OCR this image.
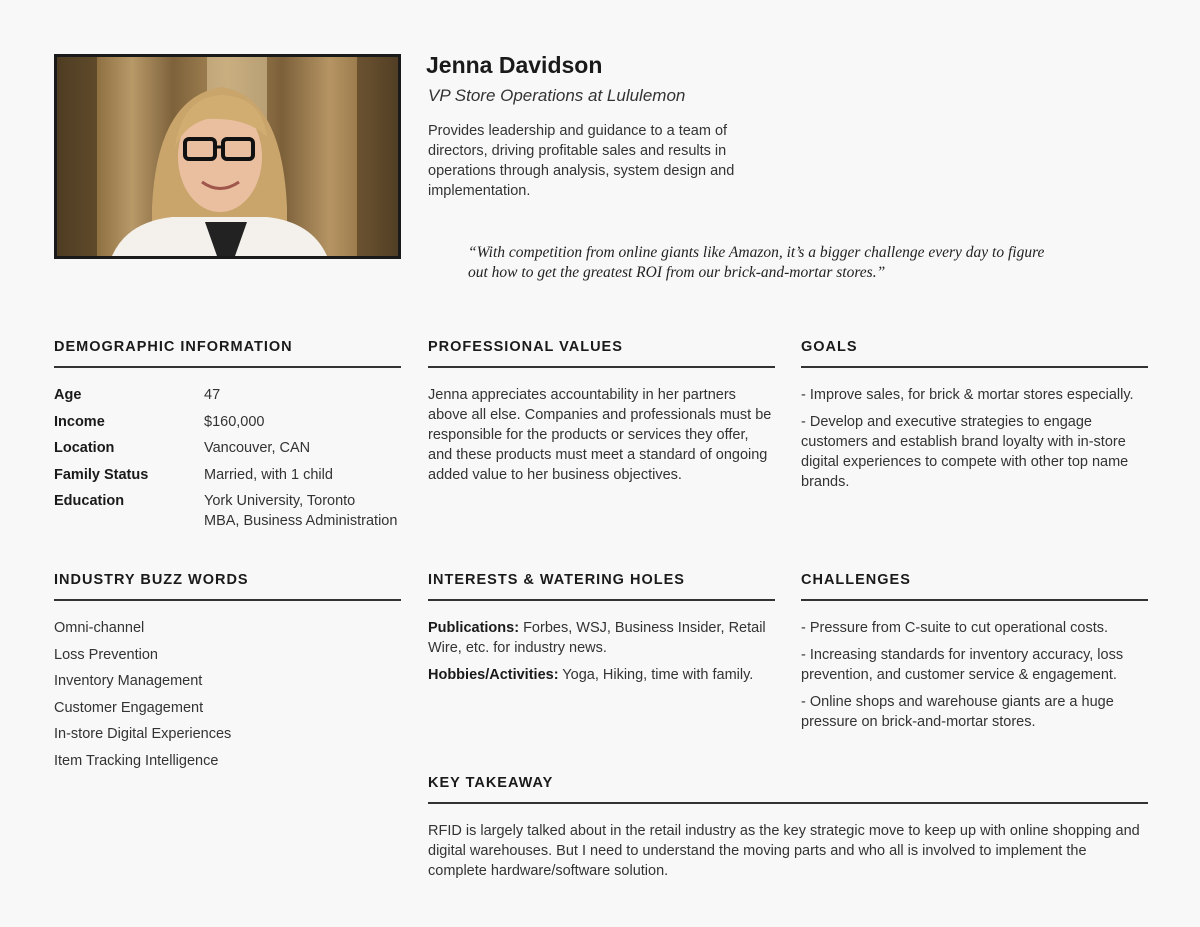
Jenna Davidson
VP Store Operations at Lululemon
Provides leadership and guidance to a team of directors, driving profitable sales and results in operations through analysis, system design and implementation.
“With competition from online giants like Amazon, it’s a bigger challenge every day to figure out how to get the greatest ROI from our brick-and-mortar stores.”
DEMOGRAPHIC INFORMATION
Age	47
Income	$160,000
Location	Vancouver, CAN
Family Status	Married, with 1 child
Education	York University, Toronto
MBA, Business Administration
PROFESSIONAL VALUES
Jenna appreciates accountability in her partners above all else. Companies and professionals must be responsible for the products or services they offer, and these products must meet a standard of ongoing added value to her business objectives.
GOALS
- Improve sales, for brick & mortar stores especially.
- Develop and executive strategies to engage customers and establish brand loyalty with in-store digital experiences to compete with other top name brands.
INDUSTRY BUZZ WORDS
Omni-channel
Loss Prevention
Inventory Management
Customer Engagement
In-store Digital Experiences
Item Tracking Intelligence
INTERESTS & WATERING HOLES
Publications: Forbes, WSJ, Business Insider, Retail Wire, etc. for industry news.
Hobbies/Activities: Yoga, Hiking, time with family.
CHALLENGES
- Pressure from C-suite to cut operational costs.
- Increasing standards for inventory accuracy, loss prevention, and customer service & engagement.
- Online shops and warehouse giants are a huge pressure on brick-and-mortar stores.
KEY TAKEAWAY
RFID is largely talked about in the retail industry as the key strategic move to keep up with online shopping and digital warehouses. But I need to understand the moving parts and who all is involved to implement the complete hardware/software solution.
